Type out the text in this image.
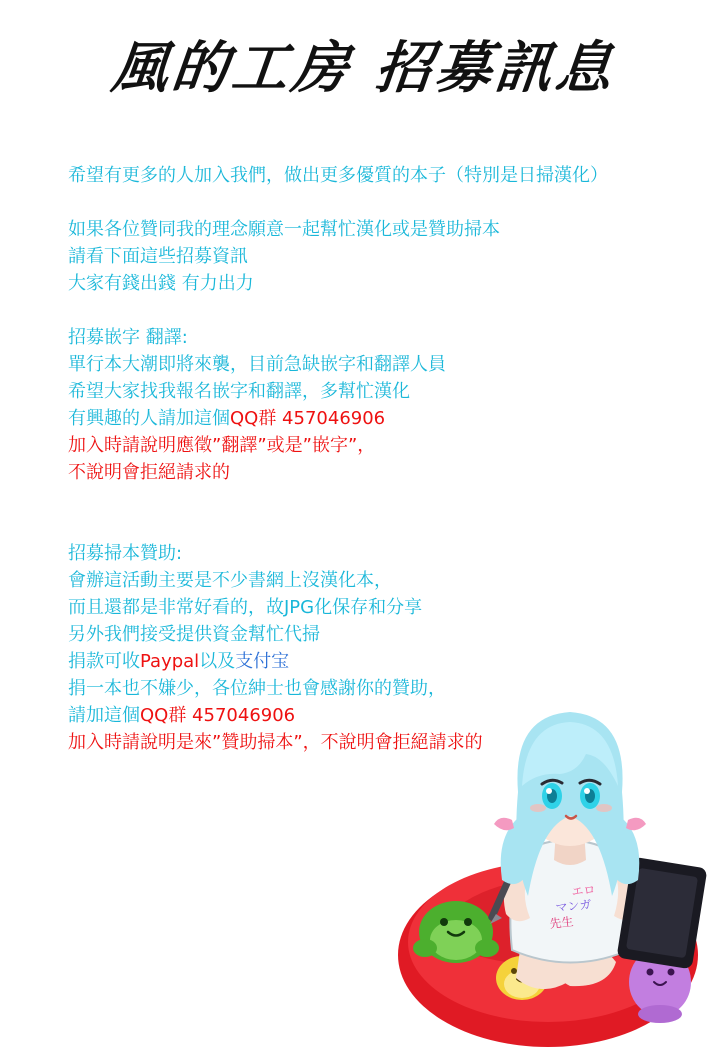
風的工房 招募訊息
希望有更多的人加入我們，做出更多優質的本子（特別是日掃漢化）
如果各位贊同我的理念願意一起幫忙漢化或是贊助掃本
請看下面這些招募資訊
大家有錢出錢 有力出力
招募嵌字 翻譯:
單行本大潮即將來襲，目前急缺嵌字和翻譯人員
希望大家找我報名嵌字和翻譯，多幫忙漢化
有興趣的人請加這個QQ群 457046906
加入時請說明應徵”翻譯”或是”嵌字”，
不說明會拒絕請求的
招募掃本贊助:
會辦這活動主要是不少書網上沒漢化本，
而且還都是非常好看的，故JPG化保存和分享
另外我們接受提供資金幫忙代掃
捐款可收Paypal以及支付宝
捐一本也不嫌少，各位紳士也會感謝你的贊助，
請加這個QQ群 457046906
加入時請說明是來”贊助掃本”，不說明會拒絕請求的
エロ
マンガ
先生
